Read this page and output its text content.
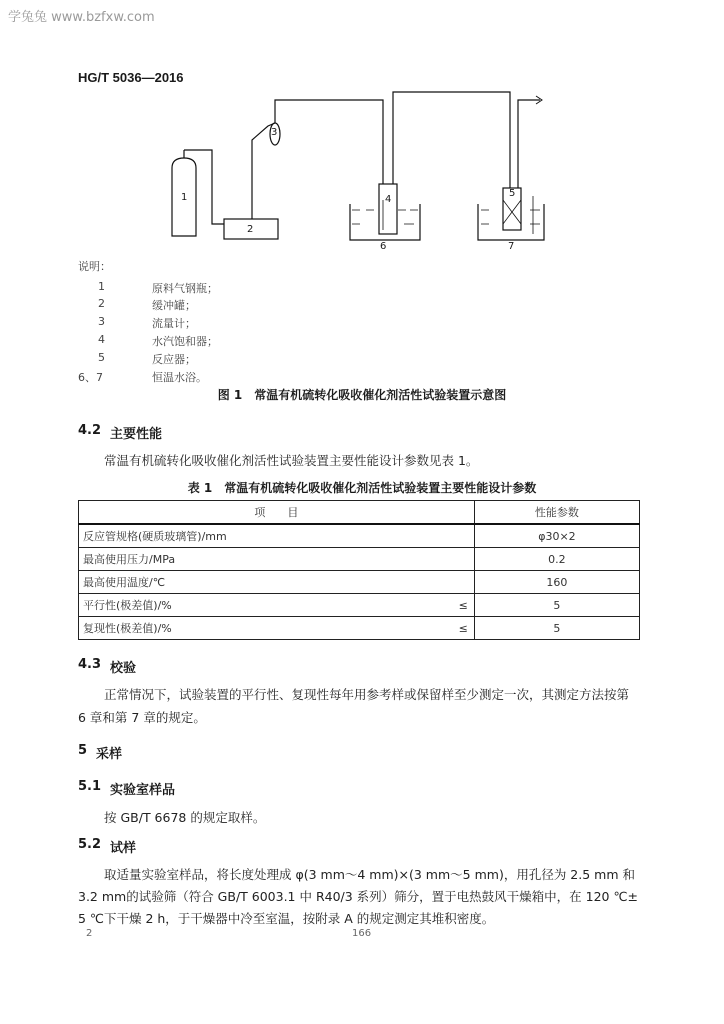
学兔兔 www.bzfxw.com
HG/T 5036—2016
1
2
3
4
5
6	7
说明：
1	原料气钢瓶；
2	缓冲罐；
3	流量计；
4	水汽饱和器；
5	反应器；
6、7	恒温水浴。
图 1　常温有机硫转化吸收催化剂活性试验装置示意图
4.2 主要性能
常温有机硫转化吸收催化剂活性试验装置主要性能设计参数见表 1。
表 1　常温有机硫转化吸收催化剂活性试验装置主要性能设计参数
项　　目		性能参数
反应管规格(硬质玻璃管)/mm		φ30×2
最高使用压力/MPa		0.2
最高使用温度/℃		160
平行性(极差值)/%	≤	5
复现性(极差值)/%	≤	5
4.3 校验
正常情况下，试验装置的平行性、复现性每年用参考样或保留样至少测定一次，其测定方法按第
6 章和第 7 章的规定。
5 采样
5.1 实验室样品
按 GB/T 6678 的规定取样。
5.2 试样
取适量实验室样品，将长度处理成 φ(3 mm～4 mm)×(3 mm～5 mm)，用孔径为 2.5 mm 和
3.2 mm的试验筛（符合 GB/T 6003.1 中 R40/3 系列）筛分，置于电热鼓风干燥箱中，在 120 ℃±
5 ℃下干燥 2 h，于干燥器中冷至室温，按附录 A 的规定测定其堆积密度。
2	166
